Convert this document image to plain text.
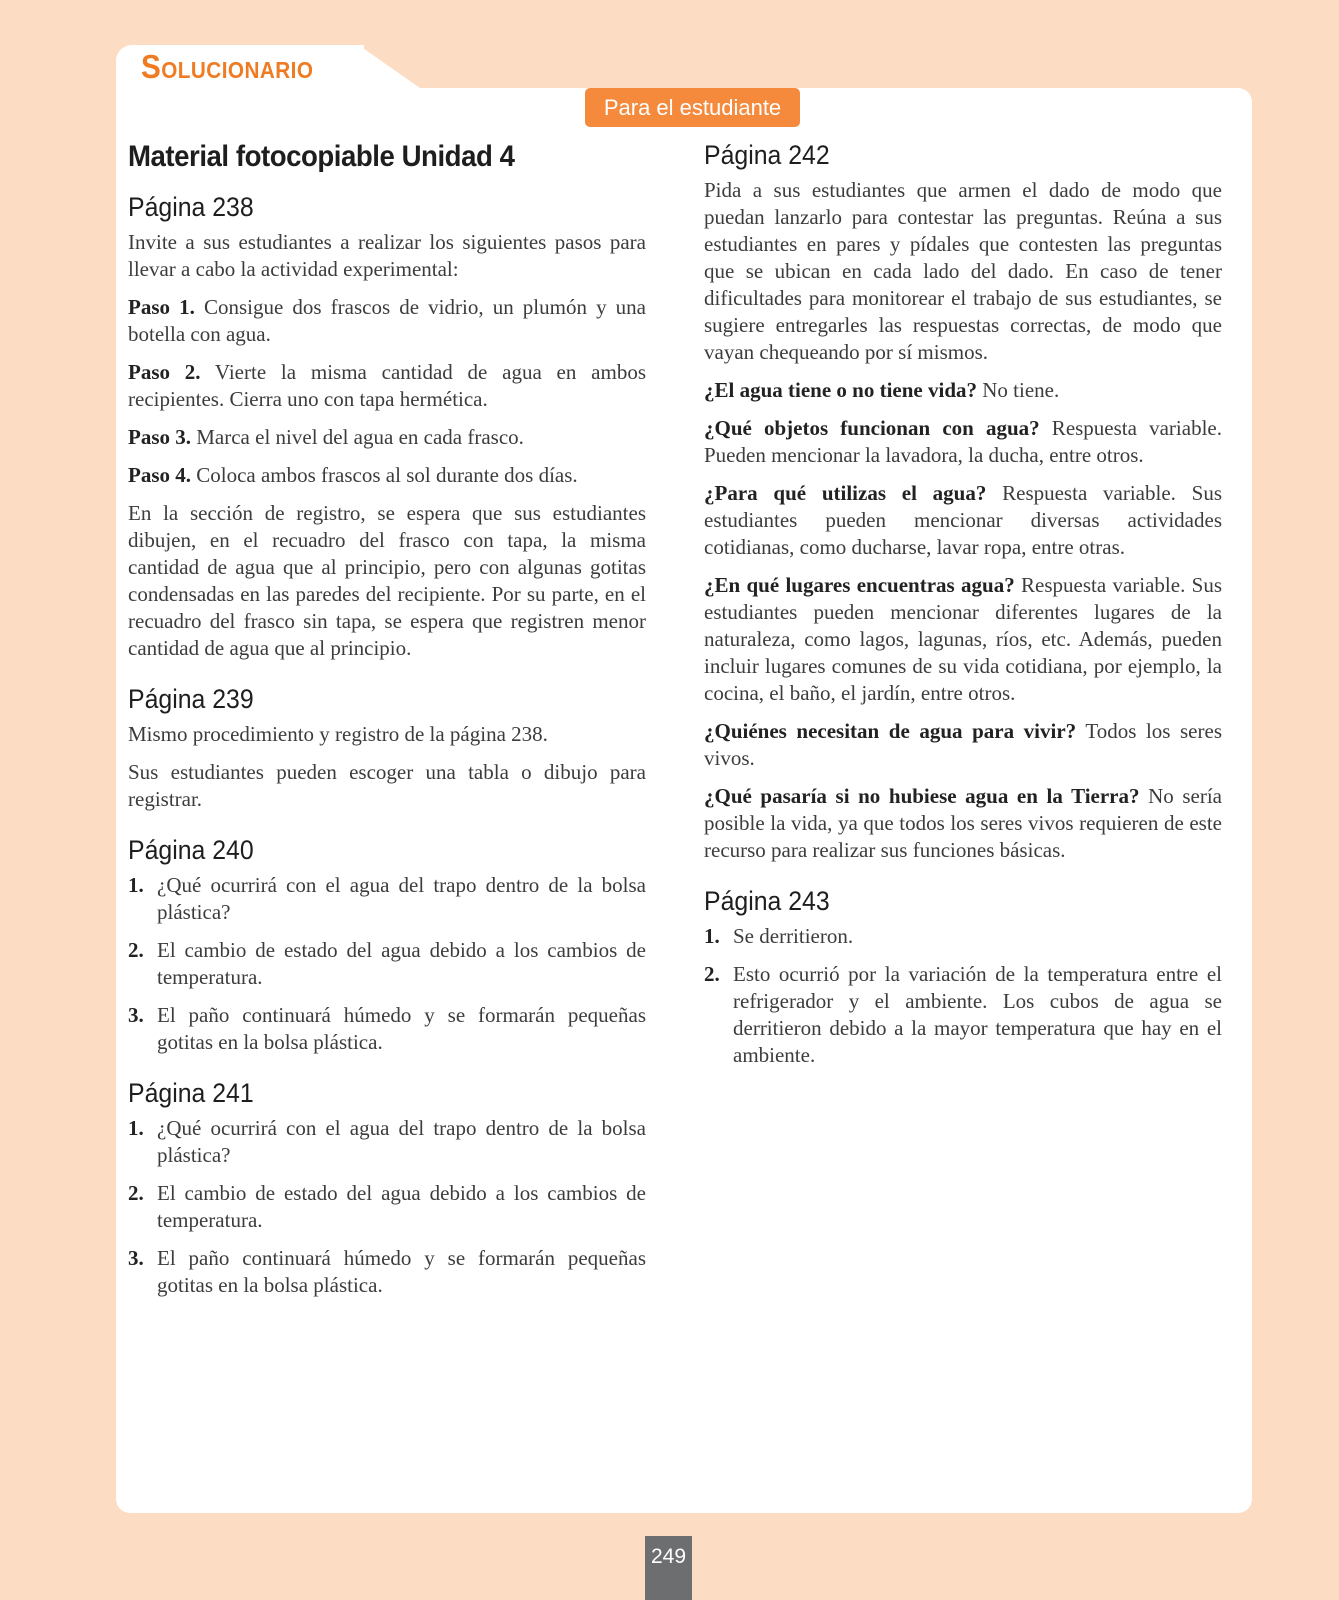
Solucionario
Para el estudiante
Material fotocopiable Unidad 4
Página 238

Invite a sus estudiantes a realizar los siguientes pasos para llevar a cabo la actividad experimental:

Paso 1. Consigue dos frascos de vidrio, un plumón y una botella con agua.

Paso 2. Vierte la misma cantidad de agua en ambos recipientes. Cierra uno con tapa hermética.

Paso 3. Marca el nivel del agua en cada frasco.

Paso 4. Coloca ambos frascos al sol durante dos días.

En la sección de registro, se espera que sus estudiantes dibujen, en el recuadro del frasco con tapa, la misma cantidad de agua que al principio, pero con algunas gotitas condensadas en las paredes del recipiente. Por su parte, en el recuadro del frasco sin tapa, se espera que registren menor cantidad de agua que al principio.

Página 239

Mismo procedimiento y registro de la página 238.

Sus estudiantes pueden escoger una tabla o dibujo para registrar.

Página 240
1. ¿Qué ocurrirá con el agua del trapo dentro de la bolsa plástica?
2. El cambio de estado del agua debido a los cambios de temperatura.
3. El paño continuará húmedo y se formarán pequeñas gotitas en la bolsa plástica.
Página 241
1. ¿Qué ocurrirá con el agua del trapo dentro de la bolsa plástica?
2. El cambio de estado del agua debido a los cambios de temperatura.
3. El paño continuará húmedo y se formarán pequeñas gotitas en la bolsa plástica.
Página 242

Pida a sus estudiantes que armen el dado de modo que puedan lanzarlo para contestar las preguntas. Reúna a sus estudiantes en pares y pídales que contesten las preguntas que se ubican en cada lado del dado. En caso de tener dificultades para monitorear el trabajo de sus estudiantes, se sugiere entregarles las respuestas correctas, de modo que vayan chequeando por sí mismos.

¿El agua tiene o no tiene vida? No tiene.

¿Qué objetos funcionan con agua? Respuesta variable. Pueden mencionar la lavadora, la ducha, entre otros.

¿Para qué utilizas el agua? Respuesta variable. Sus estudiantes pueden mencionar diversas actividades cotidianas, como ducharse, lavar ropa, entre otras.

¿En qué lugares encuentras agua? Respuesta variable. Sus estudiantes pueden mencionar diferentes lugares de la naturaleza, como lagos, lagunas, ríos, etc. Además, pueden incluir lugares comunes de su vida cotidiana, por ejemplo, la cocina, el baño, el jardín, entre otros.

¿Quiénes necesitan de agua para vivir? Todos los seres vivos.

¿Qué pasaría si no hubiese agua en la Tierra? No sería posible la vida, ya que todos los seres vivos requieren de este recurso para realizar sus funciones básicas.

Página 243
1. Se derritieron.
2. Esto ocurrió por la variación de la temperatura entre el refrigerador y el ambiente. Los cubos de agua se derritieron debido a la mayor temperatura que hay en el ambiente.
249
